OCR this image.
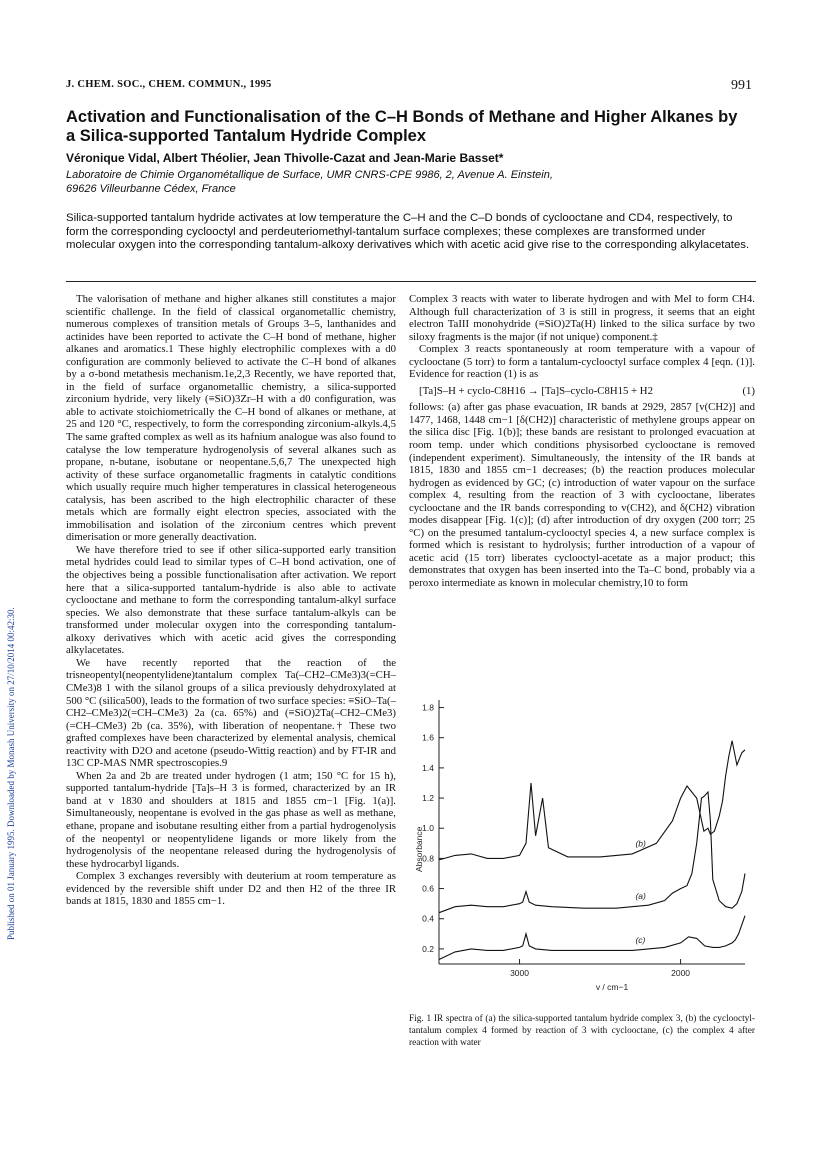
J. CHEM. SOC., CHEM. COMMUN., 1995	991
Published on 01 January 1995. Downloaded by Monash University on 27/10/2014 00:42:30.
Activation and Functionalisation of the C–H Bonds of Methane and Higher Alkanes by
a Silica-supported Tantalum Hydride Complex
Véronique Vidal, Albert Théolier, Jean Thivolle-Cazat and Jean-Marie Basset*
Laboratoire de Chimie Organométallique de Surface, UMR CNRS-CPE 9986, 2, Avenue A. Einstein,
69626 Villeurbanne Cédex, France
Silica-supported tantalum hydride activates at low temperature the C–H and the C–D bonds of cyclooctane and CD4, respectively, to form the corresponding cyclooctyl and perdeuteriomethyl-tantalum surface complexes; these complexes are transformed under molecular oxygen into the corresponding tantalum-alkoxy derivatives which with acetic acid give rise to the corresponding alkylacetates.

The valorisation of methane and higher alkanes still constitutes a major scientific challenge. In the field of classical organometallic chemistry, numerous complexes of transition metals of Groups 3–5, lanthanides and actinides have been reported to activate the C–H bond of methane, higher alkanes and aromatics.1 These highly electrophilic complexes with a d0 configuration are commonly believed to activate the C–H bond of alkanes by a σ-bond metathesis mechanism.1e,2,3 Recently, we have reported that, in the field of surface organometallic chemistry, a silica-supported zirconium hydride, very likely (≡SiO)3Zr–H with a d0 configuration, was able to activate stoichiometrically the C–H bond of alkanes or methane, at 25 and 120 °C, respectively, to form the corresponding zirconium-alkyls.4,5 The same grafted complex as well as its hafnium analogue was also found to catalyse the low temperature hydrogenolysis of several alkanes such as propane, n-butane, isobutane or neopentane.5,6,7 The unexpected high activity of these surface organometallic fragments in catalytic conditions which usually require much higher temperatures in classical heterogeneous catalysis, has been ascribed to the high electrophilic character of these metals which are formally eight electron species, associated with the immobilisation and isolation of the zirconium centres which prevent dimerisation or more generally deactivation.

We have therefore tried to see if other silica-supported early transition metal hydrides could lead to similar types of C–H bond activation, one of the objectives being a possible functionalisation after activation. We report here that a silica-supported tantalum-hydride is also able to activate cyclooctane and methane to form the corresponding tantalum-alkyl surface species. We also demonstrate that these surface tantalum-alkyls can be transformed under molecular oxygen into the corresponding tantalum-alkoxy derivatives which with acetic acid gives the corresponding alkylacetates.

We have recently reported that the reaction of the trisneopentyl(neopentylidene)tantalum complex Ta(–CH2–CMe3)3(=CH–CMe3)8 1 with the silanol groups of a silica previously dehydroxylated at 500 °C (silica500), leads to the formation of two surface species: ≡SiO–Ta(–CH2–CMe3)2(=CH–CMe3) 2a (ca. 65%) and (≡SiO)2Ta(–CH2–CMe3)(=CH–CMe3) 2b (ca. 35%), with liberation of neopentane.† These two grafted complexes have been characterized by elemental analysis, chemical reactivity with D2O and acetone (pseudo-Wittig reaction) and by FT-IR and 13C CP-MAS NMR spectroscopies.9

When 2a and 2b are treated under hydrogen (1 atm; 150 °C for 15 h), supported tantalum-hydride [Ta]s–H 3 is formed, characterized by an IR band at v 1830 and shoulders at 1815 and 1855 cm−1 [Fig. 1(a)]. Simultaneously, neopentane is evolved in the gas phase as well as methane, ethane, propane and isobutane resulting either from a partial hydrogenolysis of the neopentyl or neopentylidene ligands or more likely from the hydrogenolysis of the neopentane released during the hydrogenolysis of these hydrocarbyl ligands.

Complex 3 exchanges reversibly with deuterium at room temperature as evidenced by the reversible shift under D2 and then H2 of the three IR bands at 1815, 1830 and 1855 cm−1.

Complex 3 reacts with water to liberate hydrogen and with MeI to form CH4. Although full characterization of 3 is still in progress, it seems that an eight electron TaIII monohydride (≡SiO)2Ta(H) linked to the silica surface by two siloxy fragments is the major (if not unique) component.‡

Complex 3 reacts spontaneously at room temperature with a vapour of cyclooctane (5 torr) to form a tantalum-cyclooctyl surface complex 4 [eqn. (1)]. Evidence for reaction (1) is as

[Ta]S–H + cyclo-C8H16 → [Ta]S–cyclo-C8H15 + H2	(1)

follows: (a) after gas phase evacuation, IR bands at 2929, 2857 [v(CH2)] and 1477, 1468, 1448 cm−1 [δ(CH2)] characteristic of methylene groups appear on the silica disc [Fig. 1(b)]; these bands are resistant to prolonged evacuation at room temp. under which conditions physisorbed cyclooctane is removed (independent experiment). Simultaneously, the intensity of the IR bands at 1815, 1830 and 1855 cm−1 decreases; (b) the reaction produces molecular hydrogen as evidenced by GC; (c) introduction of water vapour on the surface complex 4, resulting from the reaction of 3 with cyclooctane, liberates cyclooctane and the IR bands corresponding to v(CH2), and δ(CH2) vibration modes disappear [Fig. 1(c)]; (d) after introduction of dry oxygen (200 torr; 25 °C) on the presumed tantalum-cyclooctyl species 4, a new surface complex is formed which is resistant to hydrolysis; further introduction of a vapour of acetic acid (15 torr) liberates cyclooctyl-acetate as a major product; this demonstrates that oxygen has been inserted into the Ta–C bond, probably via a peroxo intermediate as known in molecular chemistry,10 to form

0.2
0.4
0.6
0.8
1.0
1.2
1.4
1.6
1.8
3000	2000
(b)
(a)
(c)
Absorbance
v / cm−1
Fig. 1 IR spectra of (a) the silica-supported tantalum hydride complex 3, (b) the cyclooctyl-tantalum complex 4 formed by reaction of 3 with cyclooctane, (c) the complex 4 after reaction with water
